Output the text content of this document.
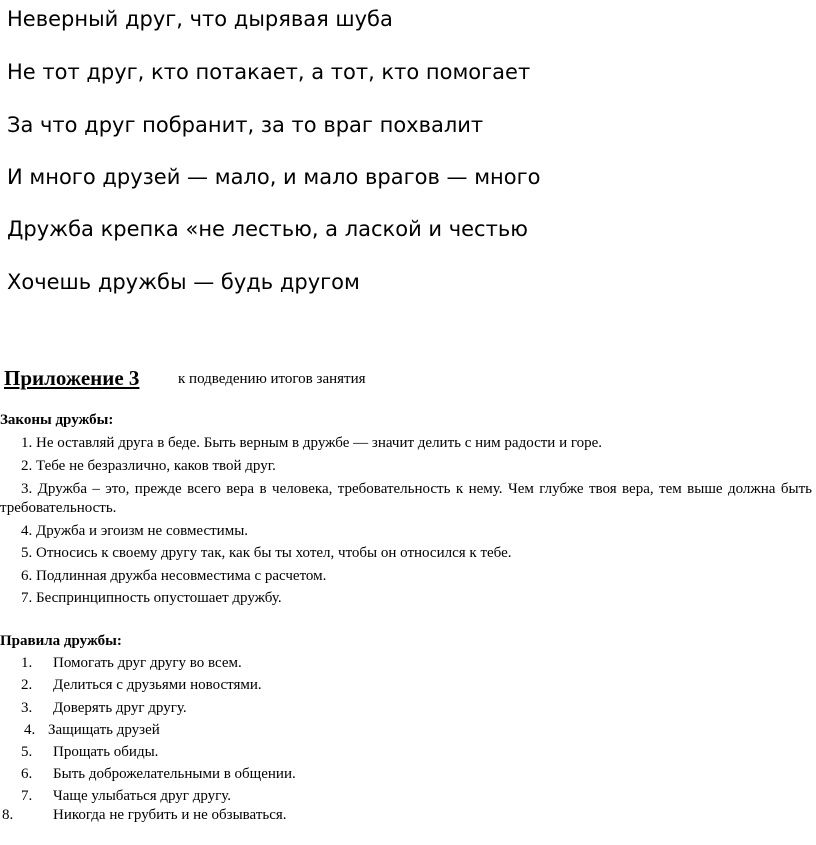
Неверный друг, что дырявая шуба
Не тот друг, кто потакает, а тот, кто помогает
За что друг побранит, за то враг похвалит
И много друзей — мало, и мало врагов — много
Дружба крепка «не лестью, а лаской и честью
Хочешь дружбы — будь другом
Приложение 3	к подведению итогов занятия
Законы дружбы:
1. Не оставляй друга в беде. Быть верным в дружбе — значит делить с ним радости и горе.
2. Тебе не безразлично, каков твой друг.
3. Дружба – это, прежде всего вера в человека, требовательность к нему. Чем глубже твоя вера, тем выше должна быть требовательность.
4. Дружба и эгоизм не совместимы.
5. Относись к своему другу так, как бы ты хотел, чтобы он относился к тебе.
6. Подлинная дружба несовместима с расчетом.
7. Беспринципность опустошает дружбу.
Правила дружбы:
1. Помогать друг другу во всем.
2. Делиться с друзьями новостями.
3. Доверять друг другу.
4. Защищать друзей
5. Прощать обиды.
6. Быть доброжелательными в общении.
7. Чаще улыбаться друг другу.
8.	Никогда не грубить и не обзываться.
